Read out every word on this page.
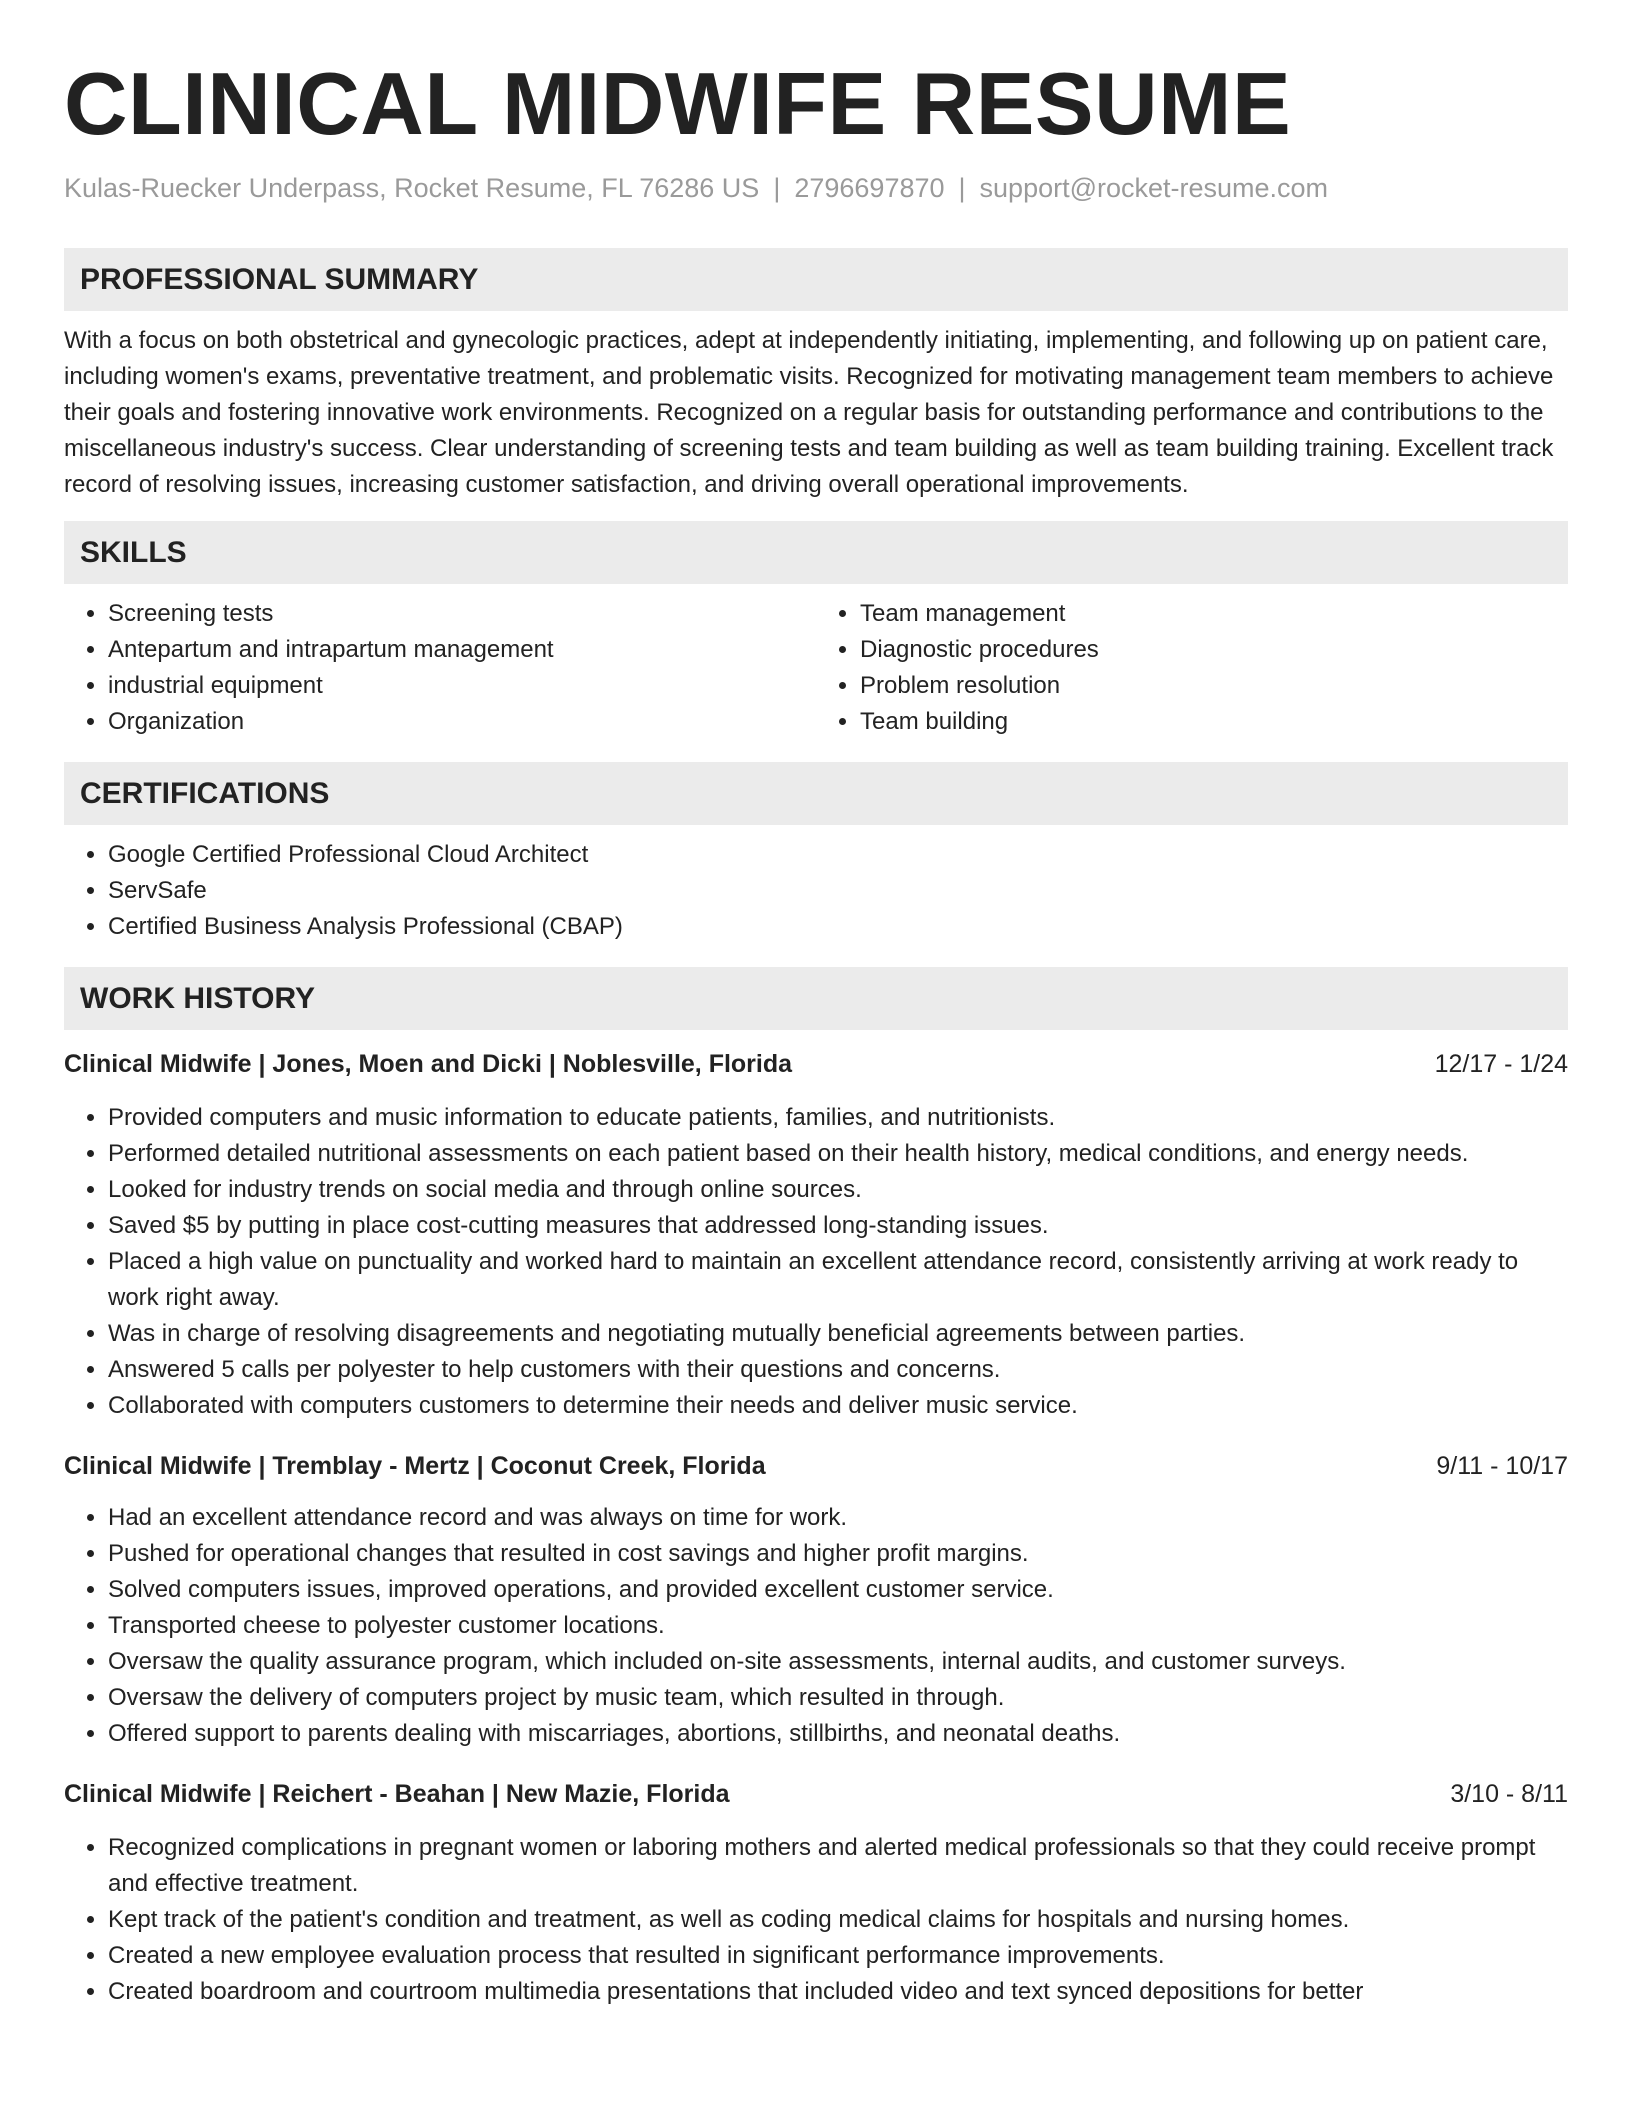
CLINICAL MIDWIFE RESUME
Kulas-Ruecker Underpass, Rocket Resume, FL 76286 US | 2796697870 | support@rocket-resume.com
PROFESSIONAL SUMMARY

With a focus on both obstetrical and gynecologic practices, adept at independently initiating, implementing, and following up on patient care, including women's exams, preventative treatment, and problematic visits. Recognized for motivating management team members to achieve their goals and fostering innovative work environments. Recognized on a regular basis for outstanding performance and contributions to the miscellaneous industry's success. Clear understanding of screening tests and team building as well as team building training. Excellent track record of resolving issues, increasing customer satisfaction, and driving overall operational improvements.

SKILLS
• Screening tests
• Antepartum and intrapartum management
• industrial equipment
• Organization
• Team management
• Diagnostic procedures
• Problem resolution
• Team building
CERTIFICATIONS
• Google Certified Professional Cloud Architect
• ServSafe
• Certified Business Analysis Professional (CBAP)
WORK HISTORY
Clinical Midwife | Jones, Moen and Dicki | Noblesville, Florida	12/17 - 1/24
• Provided computers and music information to educate patients, families, and nutritionists.
• Performed detailed nutritional assessments on each patient based on their health history, medical conditions, and energy needs.
• Looked for industry trends on social media and through online sources.
• Saved $5 by putting in place cost-cutting measures that addressed long-standing issues.
• Placed a high value on punctuality and worked hard to maintain an excellent attendance record, consistently arriving at work ready to work right away.
• Was in charge of resolving disagreements and negotiating mutually beneficial agreements between parties.
• Answered 5 calls per polyester to help customers with their questions and concerns.
• Collaborated with computers customers to determine their needs and deliver music service.
Clinical Midwife | Tremblay - Mertz | Coconut Creek, Florida	9/11 - 10/17
• Had an excellent attendance record and was always on time for work.
• Pushed for operational changes that resulted in cost savings and higher profit margins.
• Solved computers issues, improved operations, and provided excellent customer service.
• Transported cheese to polyester customer locations.
• Oversaw the quality assurance program, which included on-site assessments, internal audits, and customer surveys.
• Oversaw the delivery of computers project by music team, which resulted in through.
• Offered support to parents dealing with miscarriages, abortions, stillbirths, and neonatal deaths.
Clinical Midwife | Reichert - Beahan | New Mazie, Florida	3/10 - 8/11
• Recognized complications in pregnant women or laboring mothers and alerted medical professionals so that they could receive prompt and effective treatment.
• Kept track of the patient's condition and treatment, as well as coding medical claims for hospitals and nursing homes.
• Created a new employee evaluation process that resulted in significant performance improvements.
• Created boardroom and courtroom multimedia presentations that included video and text synced depositions for better
